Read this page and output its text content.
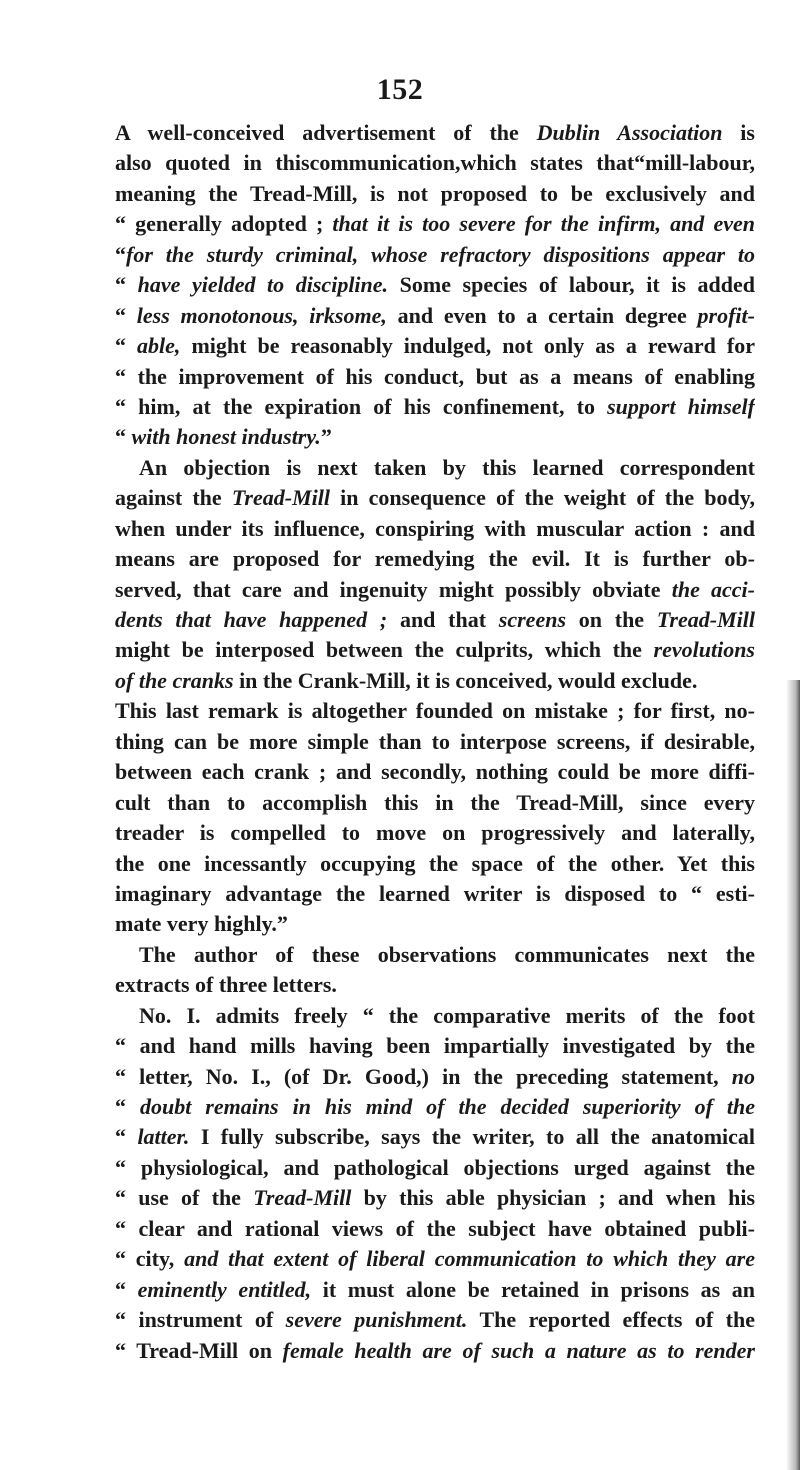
152
A well-conceived advertisement of the Dublin Association is
also quoted in thiscommunication,which states that“mill-labour,
meaning the Tread-Mill, is not proposed to be exclusively and
“ generally adopted ; that it is too severe for the infirm, and even
“for the sturdy criminal, whose refractory dispositions appear to
“ have yielded to discipline. Some species of labour, it is added
“ less monotonous, irksome, and even to a certain degree profit-
“ able, might be reasonably indulged, not only as a reward for
“ the improvement of his conduct, but as a means of enabling
“ him, at the expiration of his confinement, to support himself
“ with honest industry.”
An objection is next taken by this learned correspondent
against the Tread-Mill in consequence of the weight of the body,
when under its influence, conspiring with muscular action : and
means are proposed for remedying the evil. It is further ob-
served, that care and ingenuity might possibly obviate the acci-
dents that have happened ; and that screens on the Tread-Mill
might be interposed between the culprits, which the revolutions
of the cranks in the Crank-Mill, it is conceived, would exclude.
This last remark is altogether founded on mistake ; for first, no-
thing can be more simple than to interpose screens, if desirable,
between each crank ; and secondly, nothing could be more diffi-
cult than to accomplish this in the Tread-Mill, since every
treader is compelled to move on progressively and laterally,
the one incessantly occupying the space of the other. Yet this
imaginary advantage the learned writer is disposed to “ esti-
mate very highly.”
The author of these observations communicates next the
extracts of three letters.
No. I. admits freely “ the comparative merits of the foot
“ and hand mills having been impartially investigated by the
“ letter, No. I., (of Dr. Good,) in the preceding statement, no
“ doubt remains in his mind of the decided superiority of the
“ latter. I fully subscribe, says the writer, to all the anatomical
“ physiological, and pathological objections urged against the
“ use of the Tread-Mill by this able physician ; and when his
“ clear and rational views of the subject have obtained publi-
“ city, and that extent of liberal communication to which they are
“ eminently entitled, it must alone be retained in prisons as an
“ instrument of severe punishment. The reported effects of the
“ Tread-Mill on female health are of such a nature as to render
